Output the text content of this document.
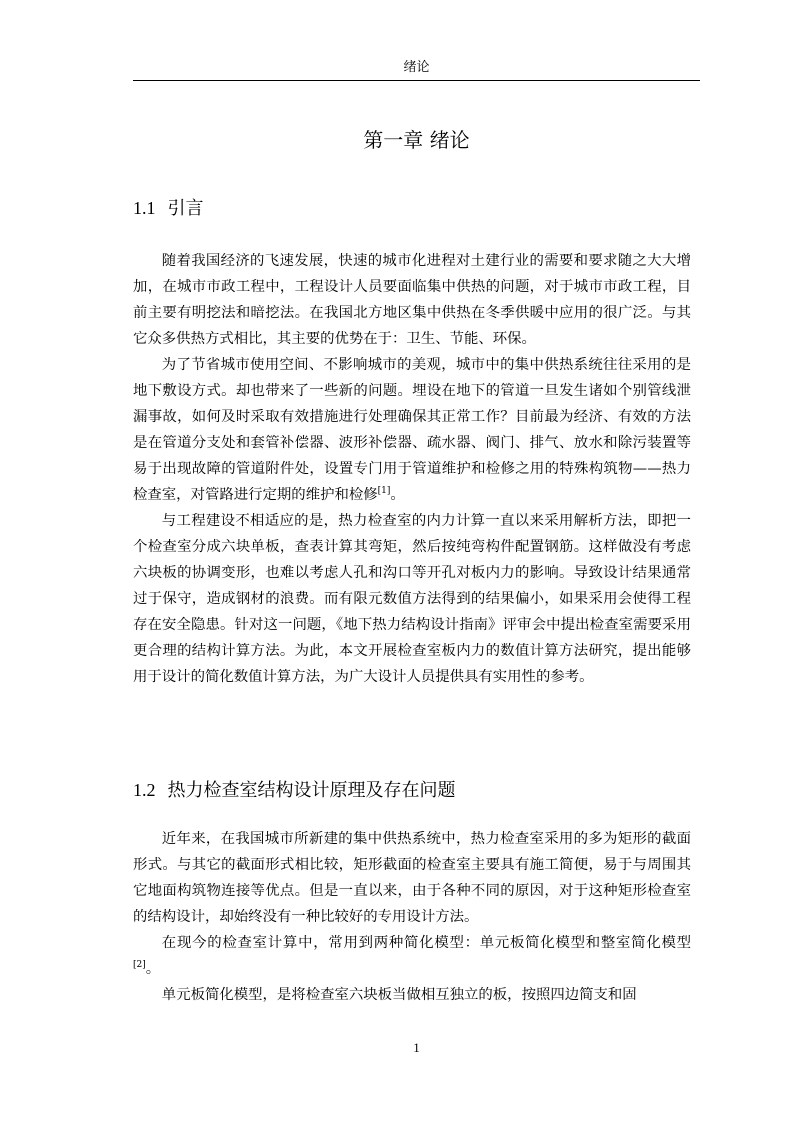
绪论
第一章 绪论
1.1 引言

随着我国经济的飞速发展，快速的城市化进程对土建行业的需要和要求随之大大增加，在城市市政工程中，工程设计人员要面临集中供热的问题，对于城市市政工程，目前主要有明挖法和暗挖法。在我国北方地区集中供热在冬季供暖中应用的很广泛。与其它众多供热方式相比，其主要的优势在于：卫生、节能、环保。

为了节省城市使用空间、不影响城市的美观，城市中的集中供热系统往往采用的是地下敷设方式。却也带来了一些新的问题。埋设在地下的管道一旦发生诸如个别管线泄漏事故，如何及时采取有效措施进行处理确保其正常工作？目前最为经济、有效的方法是在管道分支处和套管补偿器、波形补偿器、疏水器、阀门、排气、放水和除污装置等易于出现故障的管道附件处，设置专门用于管道维护和检修之用的特殊构筑物——热力检查室，对管路进行定期的维护和检修[1]。

与工程建设不相适应的是，热力检查室的内力计算一直以来采用解析方法，即把一个检查室分成六块单板，查表计算其弯矩，然后按纯弯构件配置钢筋。这样做没有考虑六块板的协调变形，也难以考虑人孔和沟口等开孔对板内力的影响。导致设计结果通常过于保守，造成钢材的浪费。而有限元数值方法得到的结果偏小，如果采用会使得工程存在安全隐患。针对这一问题，《地下热力结构设计指南》评审会中提出检查室需要采用更合理的结构计算方法。为此，本文开展检查室板内力的数值计算方法研究，提出能够用于设计的简化数值计算方法，为广大设计人员提供具有实用性的参考。

1.2 热力检查室结构设计原理及存在问题

近年来，在我国城市所新建的集中供热系统中，热力检查室采用的多为矩形的截面形式。与其它的截面形式相比较，矩形截面的检查室主要具有施工简便，易于与周围其它地面构筑物连接等优点。但是一直以来，由于各种不同的原因，对于这种矩形检查室的结构设计，却始终没有一种比较好的专用设计方法。

在现今的检查室计算中，常用到两种简化模型：单元板简化模型和整室简化模型[2]。

单元板简化模型，是将检查室六块板当做相互独立的板，按照四边简支和固

1
